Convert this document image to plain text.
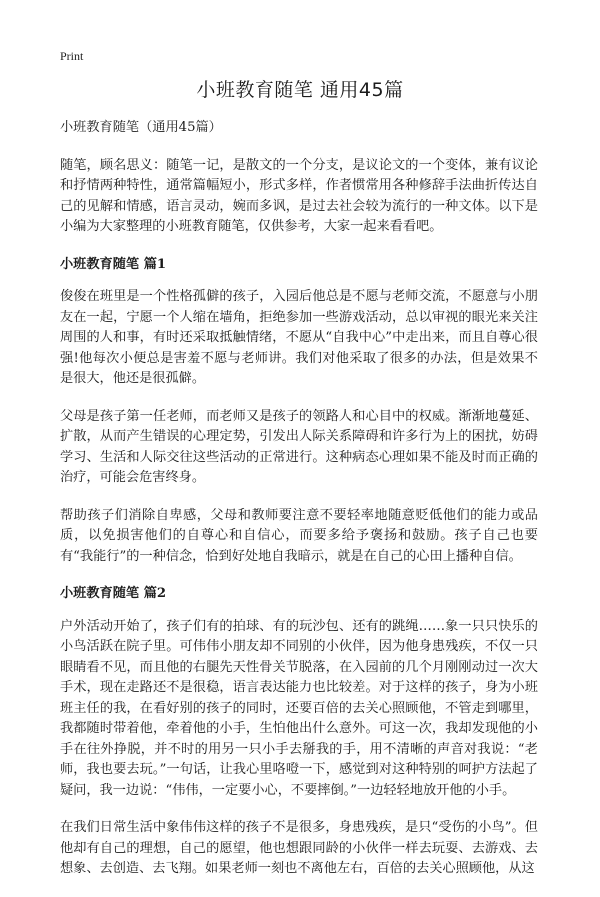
Print
小班教育随笔 通用45篇

小班教育随笔（通用45篇）

随笔，顾名思义：随笔一记，是散文的一个分支，是议论文的一个变体，兼有议论和抒情两种特性，通常篇幅短小，形式多样，作者惯常用各种修辞手法曲折传达自己的见解和情感，语言灵动，婉而多讽，是过去社会较为流行的一种文体。以下是小编为大家整理的小班教育随笔，仅供参考，大家一起来看看吧。

小班教育随笔 篇1

俊俊在班里是一个性格孤僻的孩子，入园后他总是不愿与老师交流，不愿意与小朋友在一起，宁愿一个人缩在墙角，拒绝参加一些游戏活动，总以审视的眼光来关注周围的人和事，有时还采取抵触情绪，不愿从“自我中心”中走出来，而且自尊心很强!他每次小便总是害羞不愿与老师讲。我们对他采取了很多的办法，但是效果不是很大，他还是很孤僻。

父母是孩子第一任老师，而老师又是孩子的领路人和心目中的权威。渐渐地蔓延、扩散，从而产生错误的心理定势，引发出人际关系障碍和许多行为上的困扰，妨碍学习、生活和人际交往这些活动的正常进行。这种病态心理如果不能及时而正确的治疗，可能会危害终身。

帮助孩子们消除自卑感，父母和教师要注意不要轻率地随意贬低他们的能力或品质，以免损害他们的自尊心和自信心，而要多给予褒扬和鼓励。孩子自己也要有“我能行”的一种信念，恰到好处地自我暗示，就是在自己的心田上播种自信。

小班教育随笔 篇2

户外活动开始了，孩子们有的拍球、有的玩沙包、还有的跳绳……象一只只快乐的小鸟活跃在院子里。可伟伟小朋友却不同别的小伙伴，因为他身患残疾，不仅一只眼睛看不见，而且他的右腿先天性骨关节脱落，在入园前的几个月刚刚动过一次大手术，现在走路还不是很稳，语言表达能力也比较差。对于这样的孩子，身为小班班主任的我，在看好别的孩子的同时，还要百倍的去关心照顾他，不管走到哪里，我都随时带着他，牵着他的小手，生怕他出什么意外。可这一次，我却发现他的小手在往外挣脱，并不时的用另一只小手去掰我的手，用不清晰的声音对我说：“老师，我也要去玩。”一句话，让我心里咯噔一下，感觉到对这种特别的呵护方法起了疑问，我一边说：“伟伟，一定要小心，不要摔倒。”一边轻轻地放开他的小手。

在我们日常生活中象伟伟这样的孩子不是很多，身患残疾，是只“受伤的小鸟”。但他却有自己的理想，自己的愿望，他也想跟同龄的小伙伴一样去玩耍、去游戏、去想象、去创造、去飞翔。如果老师一刻也不离他左右，百倍的去关心照顾他，从这
